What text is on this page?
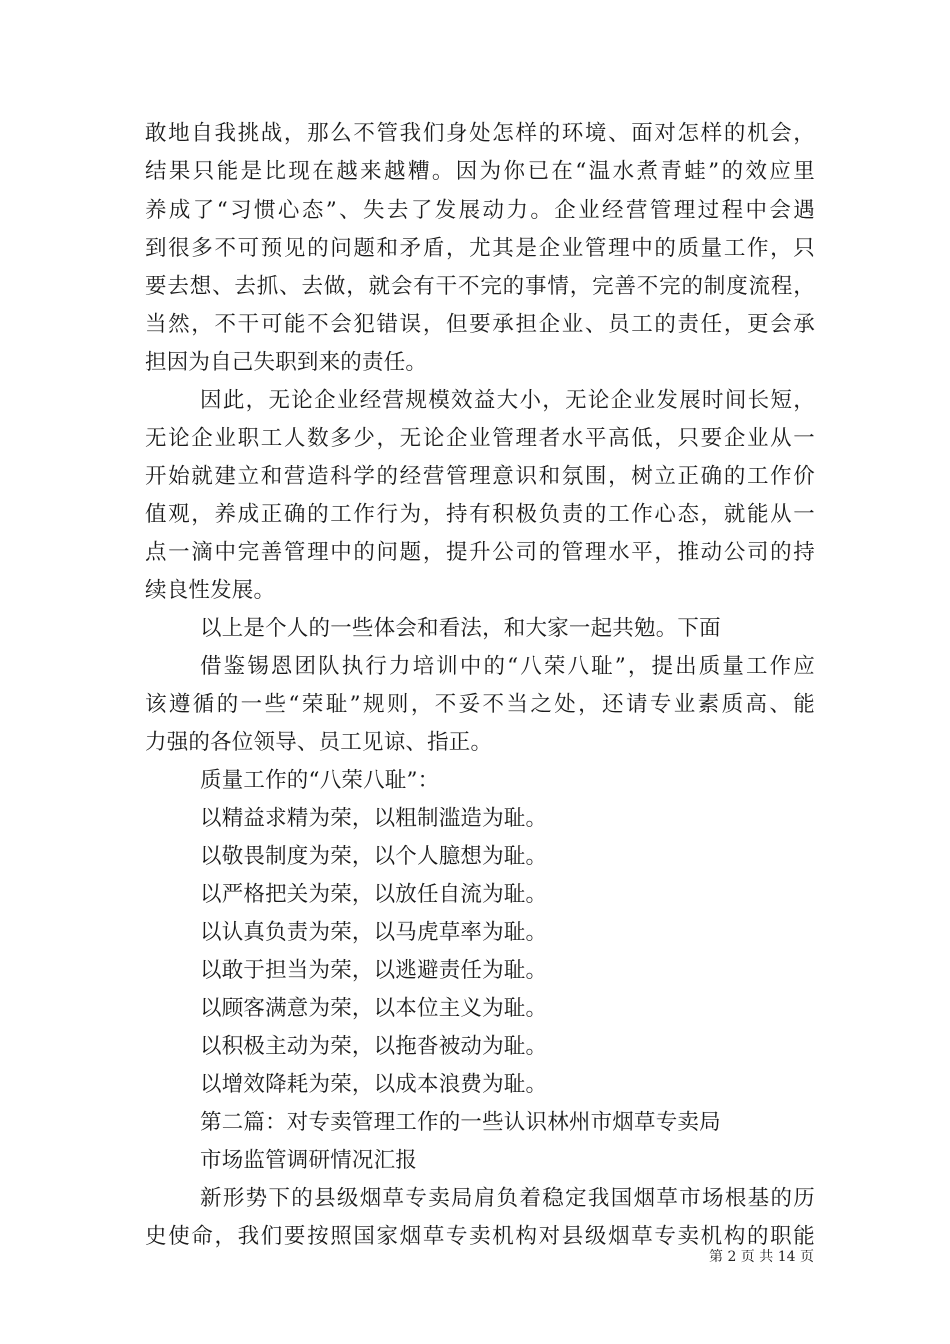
敢地自我挑战，那么不管我们身处怎样的环境、面对怎样的机会，
结果只能是比现在越来越糟。因为你已在“温水煮青蛙”的效应里
养成了“习惯心态”、失去了发展动力。企业经营管理过程中会遇
到很多不可预见的问题和矛盾，尤其是企业管理中的质量工作，只
要去想、去抓、去做，就会有干不完的事情，完善不完的制度流程，
当然，不干可能不会犯错误，但要承担企业、员工的责任，更会承
担因为自己失职到来的责任。
因此，无论企业经营规模效益大小，无论企业发展时间长短，
无论企业职工人数多少，无论企业管理者水平高低，只要企业从一
开始就建立和营造科学的经营管理意识和氛围，树立正确的工作价
值观，养成正确的工作行为，持有积极负责的工作心态，就能从一
点一滴中完善管理中的问题，提升公司的管理水平，推动公司的持
续良性发展。
以上是个人的一些体会和看法，和大家一起共勉。下面
借鉴锡恩团队执行力培训中的“八荣八耻”，提出质量工作应
该遵循的一些“荣耻”规则，不妥不当之处，还请专业素质高、能
力强的各位领导、员工见谅、指正。
质量工作的“八荣八耻”：
以精益求精为荣，以粗制滥造为耻。
以敬畏制度为荣，以个人臆想为耻。
以严格把关为荣，以放任自流为耻。
以认真负责为荣，以马虎草率为耻。
以敢于担当为荣，以逃避责任为耻。
以顾客满意为荣，以本位主义为耻。
以积极主动为荣，以拖沓被动为耻。
以增效降耗为荣，以成本浪费为耻。
第二篇：对专卖管理工作的一些认识林州市烟草专卖局
市场监管调研情况汇报
新形势下的县级烟草专卖局肩负着稳定我国烟草市场根基的历
史使命，我们要按照国家烟草专卖机构对县级烟草专卖机构的职能
第 2 页 共 14 页
